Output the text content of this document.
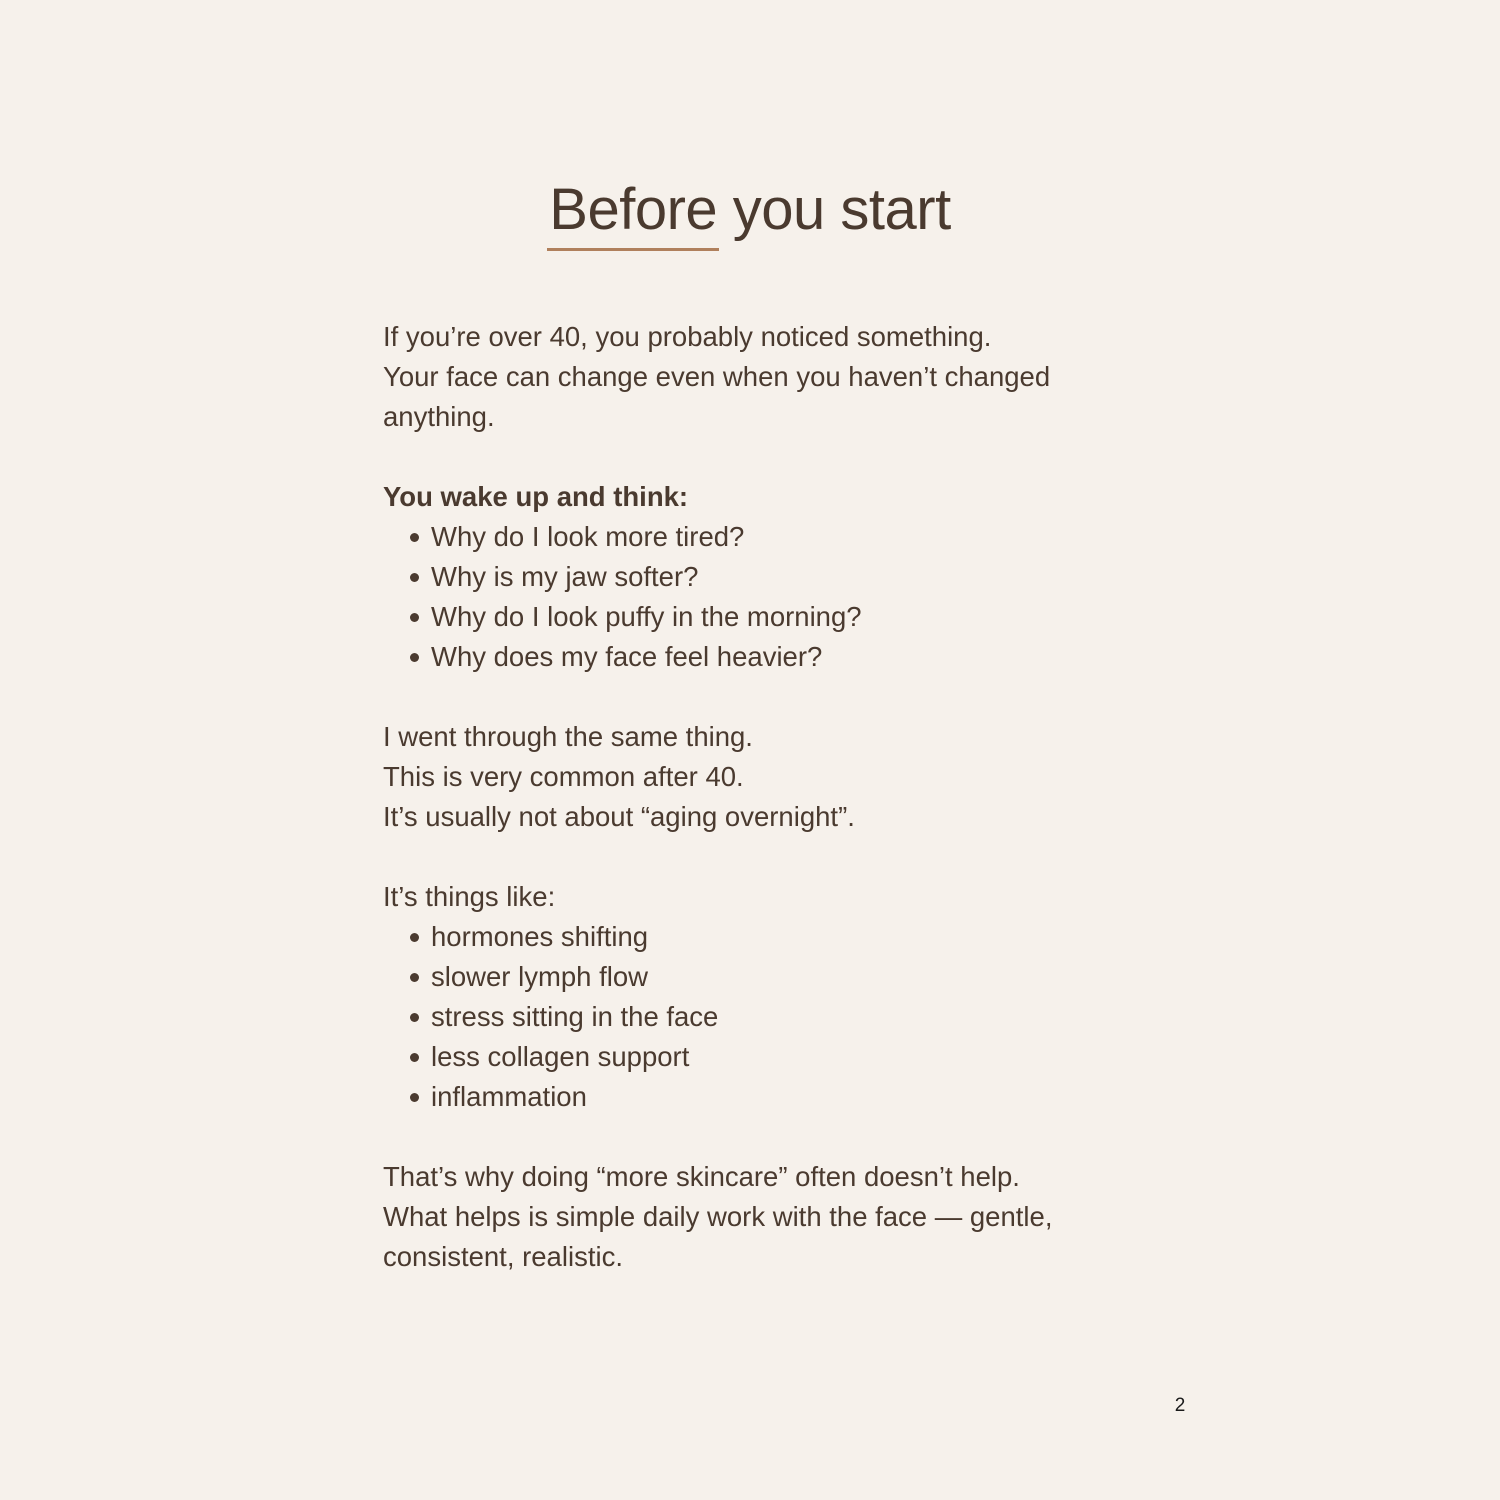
Before
you start
If you’re over 40, you probably noticed something.
Your face can change even when you haven’t changed
anything.
You wake up and think:
Why do I look more tired?
Why is my jaw softer?
Why do I look puffy in the morning?
Why does my face feel heavier?
I went through the same thing.
This is very common after 40.
It’s usually not about “aging overnight”.
It’s things like:
hormones shifting
slower lymph flow
stress sitting in the face
less collagen support
inflammation
That’s why doing “more skincare” often doesn’t help.
What helps is simple daily work with the face — gentle,
consistent, realistic.
2
